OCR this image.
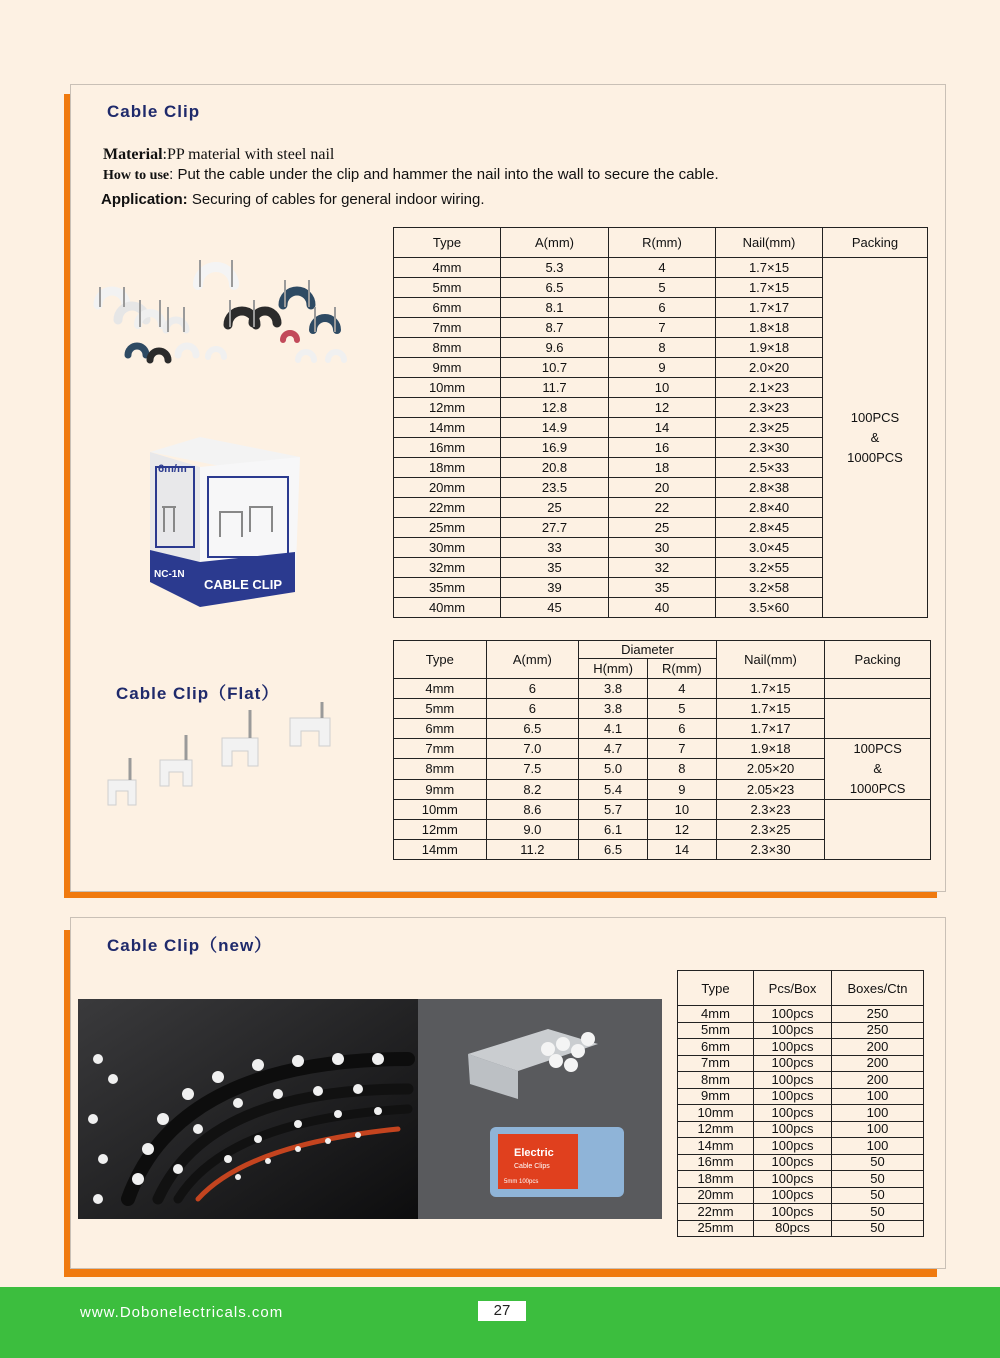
Cable Clip
Material:PP material with steel nail
How to use: Put the cable under the clip and hammer the nail into the wall to secure the cable.
Application: Securing of cables for general indoor wiring.
6m/m
NC-1N
CABLE CLIP
Type	A(mm)	R(mm)	Nail(mm)	Packing
4mm	5.3	4	1.7×15	100PCS
&
1000PCS

5mm	6.5	5	1.7×15	
6mm	8.1	6	1.7×17	
7mm	8.7	7	1.8×18	
8mm	9.6	8	1.9×18	
9mm	10.7	9	2.0×20	
10mm	11.7	10	2.1×23	
12mm	12.8	12	2.3×23	
14mm	14.9	14	2.3×25	
16mm	16.9	16	2.3×30	
18mm	20.8	18	2.5×33	
20mm	23.5	20	2.8×38	
22mm	25	22	2.8×40	
25mm	27.7	25	2.8×45	
30mm	33	30	3.0×45	
32mm	35	32	3.2×55	
35mm	39	35	3.2×58	
40mm	45	40	3.5×60	
Cable Clip（Flat）
Type	A(mm)	Diameter		Nail(mm)	Packing
		H(mm)	R(mm)		
4mm	6	3.8	4	1.7×15	
5mm	6	3.8	5	1.7×15	
6mm	6.5	4.1	6	1.7×17	
7mm	7.0	4.7	7	1.9×18	100PCS
&
1000PCS

8mm	7.5	5.0	8	2.05×20	
9mm	8.2	5.4	9	2.05×23	
10mm	8.6	5.7	10	2.3×23	
12mm	9.0	6.1	12	2.3×25	
14mm	11.2	6.5	14	2.3×30	
Cable Clip（new）
Electric
Cable Clips
5mm 100pcs
Type	Pcs/Box	Boxes/Ctn
4mm	100pcs	250
5mm	100pcs	250
6mm	100pcs	200
7mm	100pcs	200
8mm	100pcs	200
9mm	100pcs	100
10mm	100pcs	100
12mm	100pcs	100
14mm	100pcs	100
16mm	100pcs	50
18mm	100pcs	50
20mm	100pcs	50
22mm	100pcs	50
25mm	80pcs	50
www.Dobonelectricals.com	27
